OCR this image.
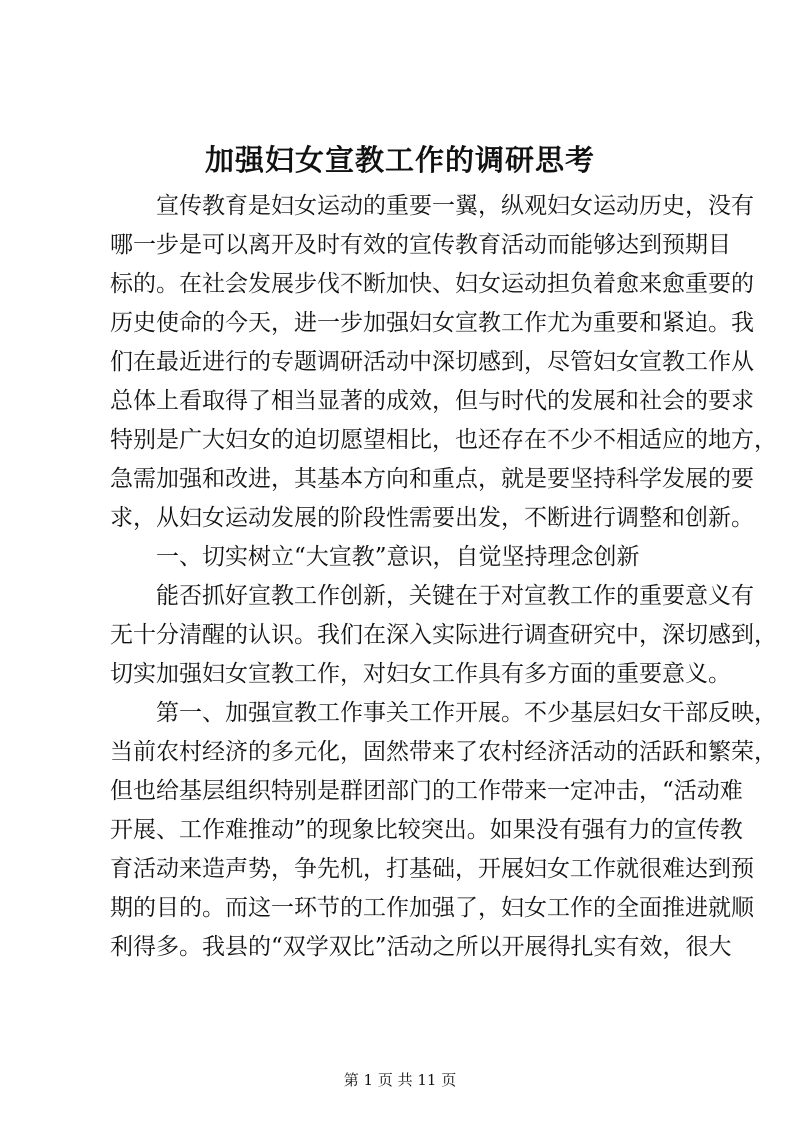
加强妇女宣教工作的调研思考
宣传教育是妇女运动的重要一翼，纵观妇女运动历史，没有
哪一步是可以离开及时有效的宣传教育活动而能够达到预期目
标的。在社会发展步伐不断加快、妇女运动担负着愈来愈重要的
历史使命的今天，进一步加强妇女宣教工作尤为重要和紧迫。我
们在最近进行的专题调研活动中深切感到，尽管妇女宣教工作从
总体上看取得了相当显著的成效，但与时代的发展和社会的要求
特别是广大妇女的迫切愿望相比，也还存在不少不相适应的地方，
急需加强和改进，其基本方向和重点，就是要坚持科学发展的要
求，从妇女运动发展的阶段性需要出发，不断进行调整和创新。
一、切实树立“大宣教”意识，自觉坚持理念创新
能否抓好宣教工作创新，关键在于对宣教工作的重要意义有
无十分清醒的认识。我们在深入实际进行调查研究中，深切感到，
切实加强妇女宣教工作，对妇女工作具有多方面的重要意义。
第一、加强宣教工作事关工作开展。不少基层妇女干部反映，
当前农村经济的多元化，固然带来了农村经济活动的活跃和繁荣，
但也给基层组织特别是群团部门的工作带来一定冲击，“活动难
开展、工作难推动”的现象比较突出。如果没有强有力的宣传教
育活动来造声势，争先机，打基础，开展妇女工作就很难达到预
期的目的。而这一环节的工作加强了，妇女工作的全面推进就顺
利得多。我县的“双学双比”活动之所以开展得扎实有效，很大
第 1 页 共 11 页
